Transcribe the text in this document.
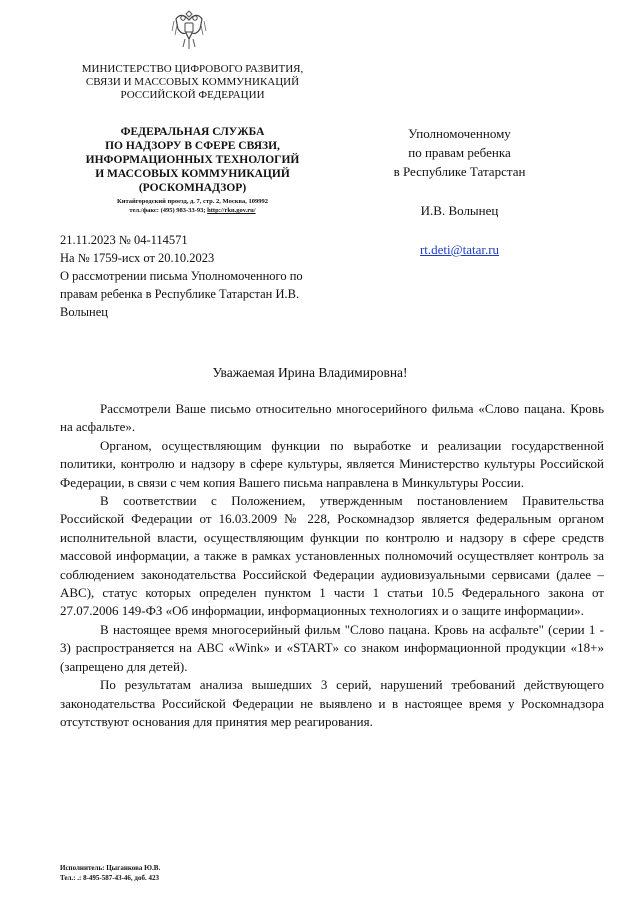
МИНИСТЕРСТВО ЦИФРОВОГО РАЗВИТИЯ,
СВЯЗИ И МАССОВЫХ КОММУНИКАЦИЙ
РОССИЙСКОЙ ФЕДЕРАЦИИ
ФЕДЕРАЛЬНАЯ СЛУЖБА
ПО НАДЗОРУ В СФЕРЕ СВЯЗИ,
ИНФОРМАЦИОННЫХ ТЕХНОЛОГИЙ
И МАССОВЫХ КОММУНИКАЦИЙ
(РОСКОМНАДЗОР)
Китайгородский проезд, д. 7, стр. 2, Москва, 109992
тел./факс: (495) 983-33-93; http://rkn.gov.ru/
Уполномоченному
по правам ребенка
в Республике Татарстан
И.В. Волынец
rt.deti@tatar.ru
21.11.2023 № 04-114571
На № 1759-исх от 20.10.2023
О рассмотрении письма Уполномоченного по правам ребенка в Республике Татарстан И.В. Волынец
Уважаемая Ирина Владимировна!

Рассмотрели Ваше письмо относительно многосерийного фильма «Слово пацана. Кровь на асфальте».

Органом, осуществляющим функции по выработке и реализации государственной политики, контролю и надзору в сфере культуры, является Министерство культуры Российской Федерации, в связи с чем копия Вашего письма направлена в Минкультуры России.

В соответствии с Положением, утвержденным постановлением Правительства Российской Федерации от 16.03.2009 № 228, Роскомнадзор является федеральным органом исполнительной власти, осуществляющим функции по контролю и надзору в сфере средств массовой информации, а также в рамках установленных полномочий осуществляет контроль за соблюдением законодательства Российской Федерации аудиовизуальными сервисами (далее – АВС), статус которых определен пунктом 1 части 1 статьи 10.5 Федерального закона от 27.07.2006 149-ФЗ «Об информации, информационных технологиях и о защите информации».

В настоящее время многосерийный фильм "Слово пацана. Кровь на асфальте" (серии 1 - 3) распространяется на АВС «Wink» и «START» со знаком информационной продукции «18+» (запрещено для детей).

По результатам анализа вышедших 3 серий, нарушений требований действующего законодательства Российской Федерации не выявлено и в настоящее время у Роскомнадзора отсутствуют основания для принятия мер реагирования.

Исполнитель: Цыганкова Ю.В.
Тел.: .: 8-495-587-43-46, доб. 423
